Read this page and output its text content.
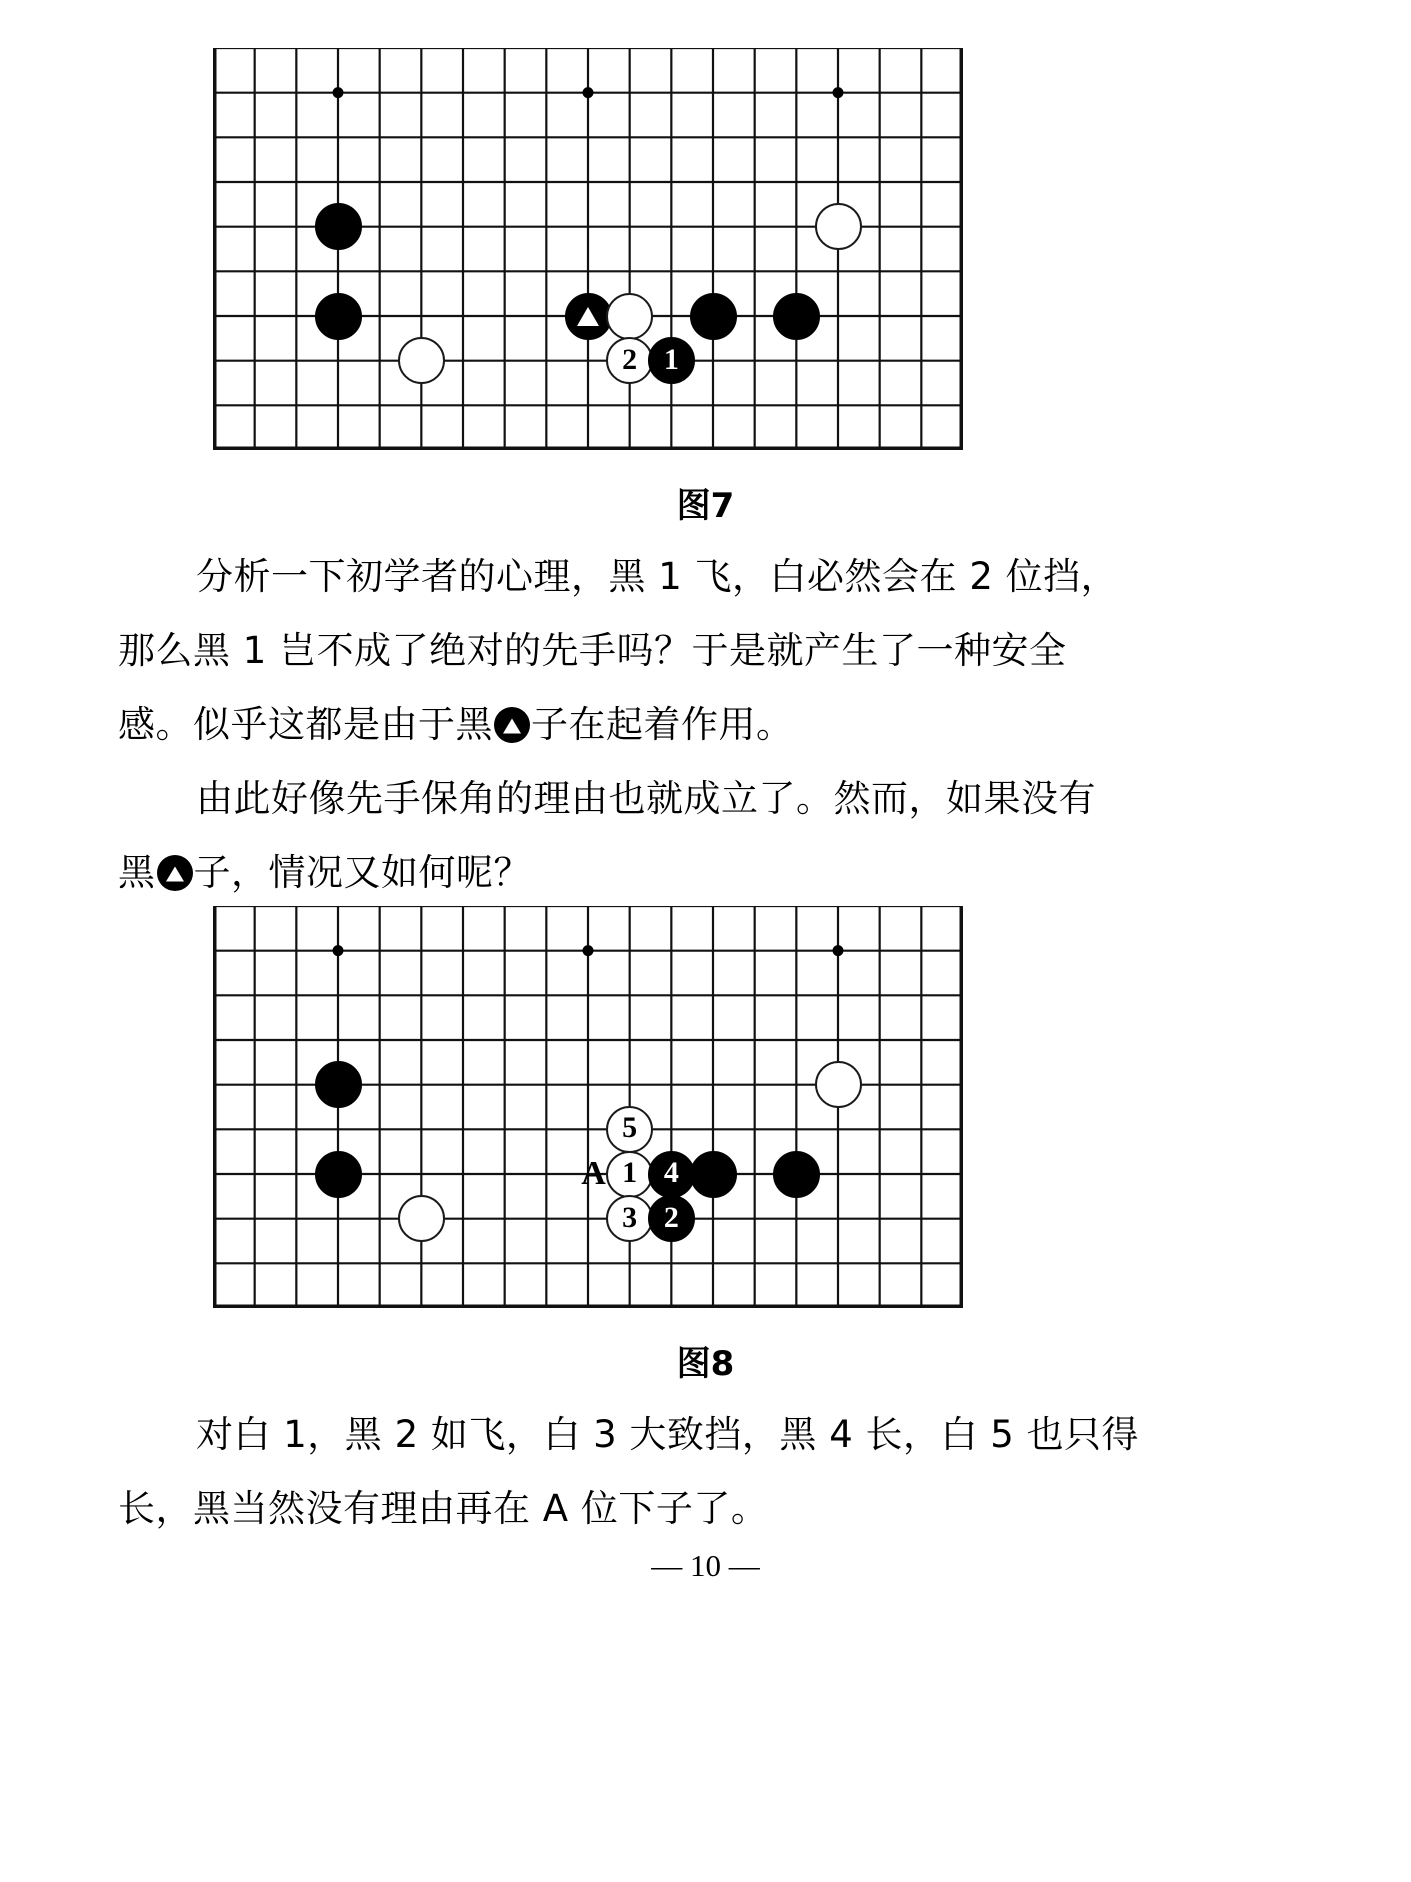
2 1
图7
分析一下初学者的心理，黑 1 飞，白必然会在 2 位挡，
那么黑 1 岂不成了绝对的先手吗？于是就产生了一种安全
感。似乎这都是由于黑 子在起着作用。
由此好像先手保角的理由也就成立了。然而，如果没有
黑 子，情况又如何呢？
A
5
1 4
3 2
图8
对白 1，黑 2 如飞，白 3 大致挡，黑 4 长，白 5 也只得
长，黑当然没有理由再在 A 位下子了。
— 10 —
